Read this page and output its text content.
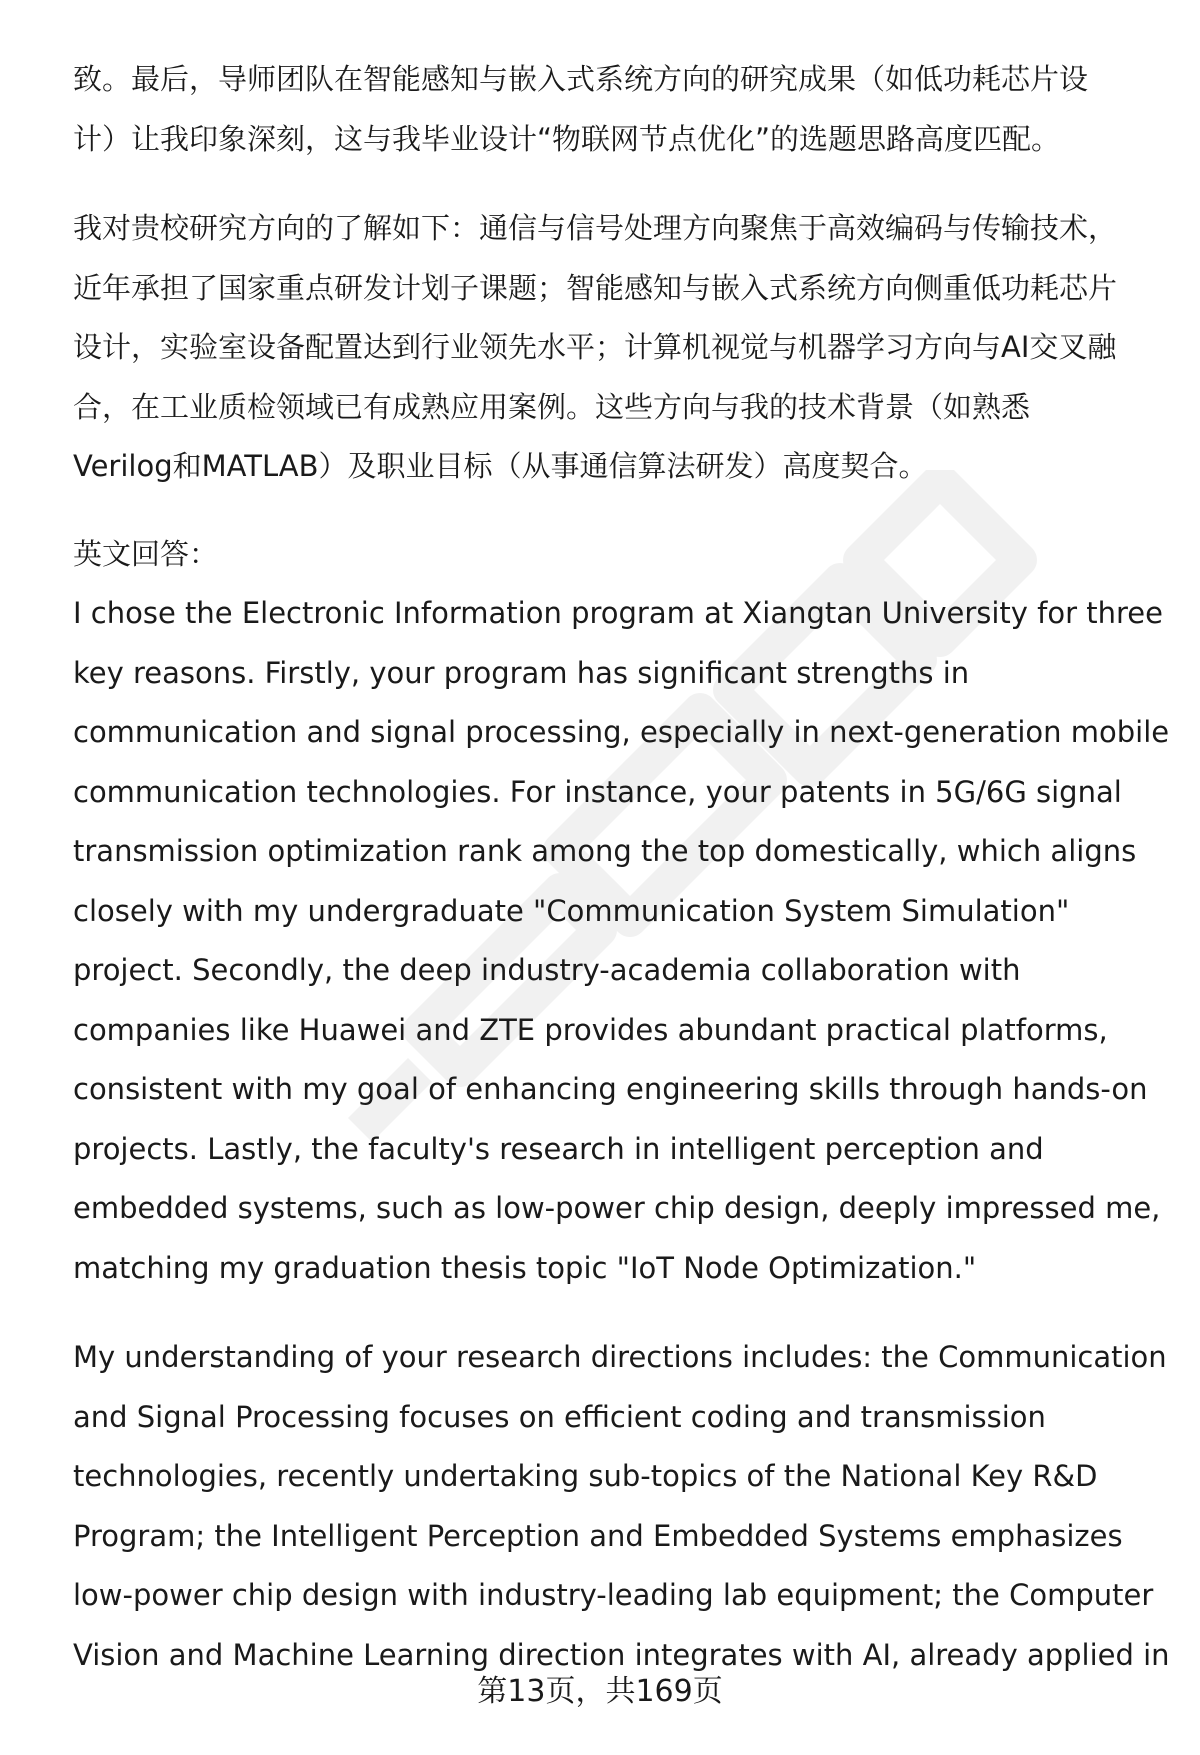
致。最后，导师团队在智能感知与嵌入式系统方向的研究成果（如低功耗芯片设
计）让我印象深刻，这与我毕业设计“物联网节点优化”的选题思路高度匹配。

我对贵校研究方向的了解如下：通信与信号处理方向聚焦于高效编码与传输技术，
近年承担了国家重点研发计划子课题；智能感知与嵌入式系统方向侧重低功耗芯片
设计，实验室设备配置达到行业领先水平；计算机视觉与机器学习方向与AI交叉融
合，在工业质检领域已有成熟应用案例。这些方向与我的技术背景（如熟悉
Verilog和MATLAB）及职业目标（从事通信算法研发）高度契合。

英文回答：

I chose the Electronic Information program at Xiangtan University for three
key reasons. Firstly, your program has significant strengths in
communication and signal processing, especially in next-generation mobile
communication technologies. For instance, your patents in 5G/6G signal
transmission optimization rank among the top domestically, which aligns
closely with my undergraduate "Communication System Simulation"
project. Secondly, the deep industry-academia collaboration with
companies like Huawei and ZTE provides abundant practical platforms,
consistent with my goal of enhancing engineering skills through hands-on
projects. Lastly, the faculty's research in intelligent perception and
embedded systems, such as low-power chip design, deeply impressed me,
matching my graduation thesis topic "IoT Node Optimization."

My understanding of your research directions includes: the Communication
and Signal Processing focuses on efficient coding and transmission
technologies, recently undertaking sub-topics of the National Key R&D
Program; the Intelligent Perception and Embedded Systems emphasizes
low-power chip design with industry-leading lab equipment; the Computer
Vision and Machine Learning direction integrates with AI, already applied in

第13页，共169页
